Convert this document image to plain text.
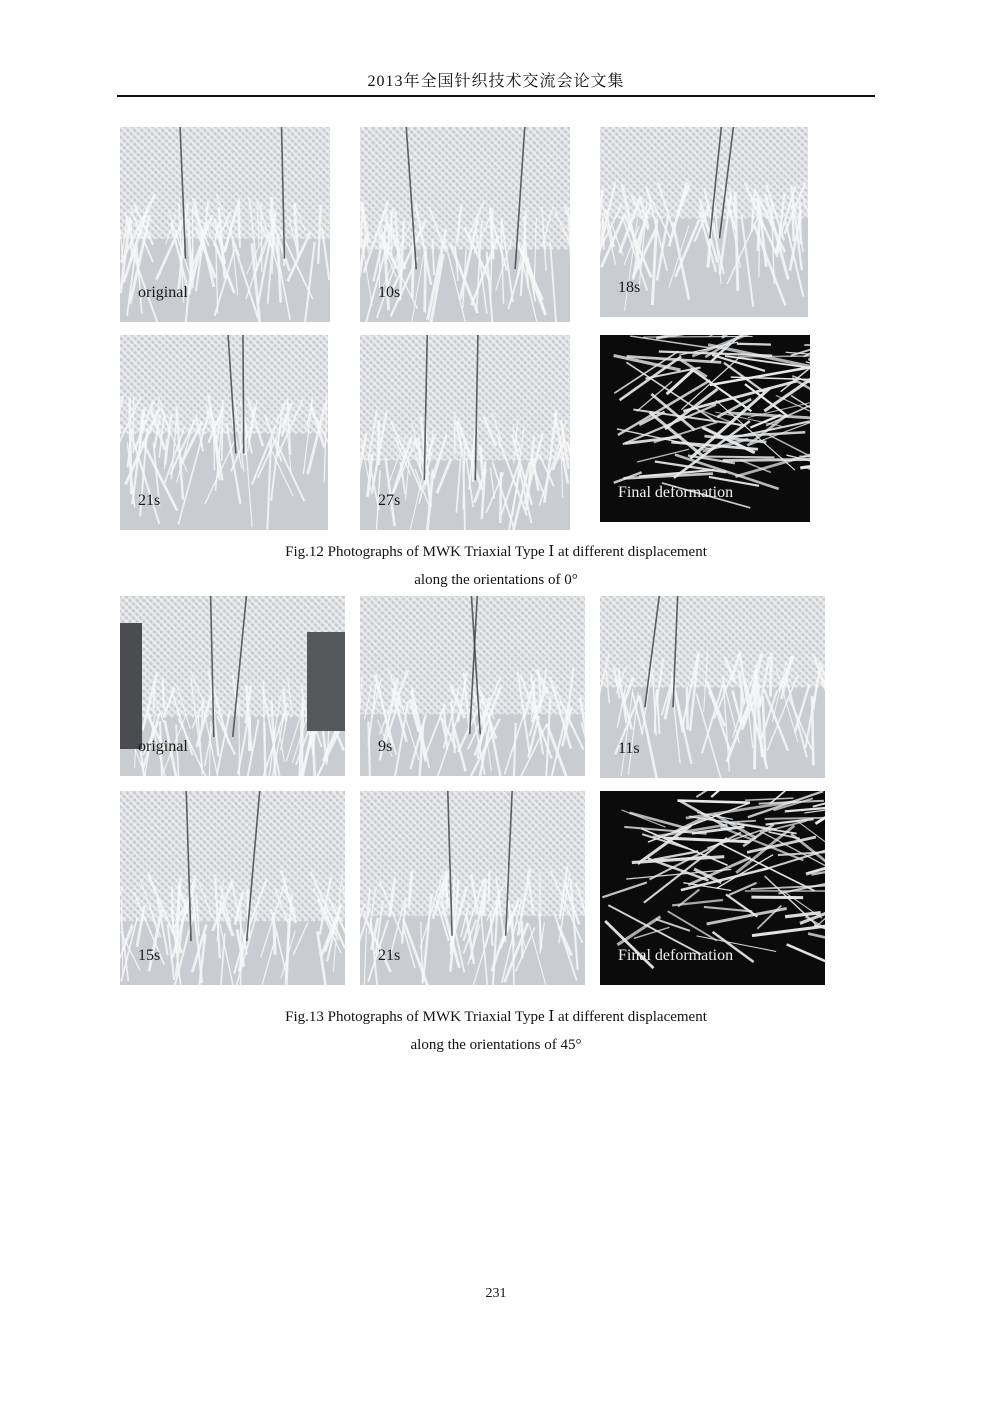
2013年全国针织技术交流会论文集
original	10s	18s
21s	27s	Final deformation
Fig.12 Photographs of MWK Triaxial Type Ⅰ at different displacement
along the orientations of 0°
original	9s	11s
15s	21s	Final deformation
Fig.13 Photographs of MWK Triaxial Type Ⅰ at different displacement
along the orientations of 45°
231
